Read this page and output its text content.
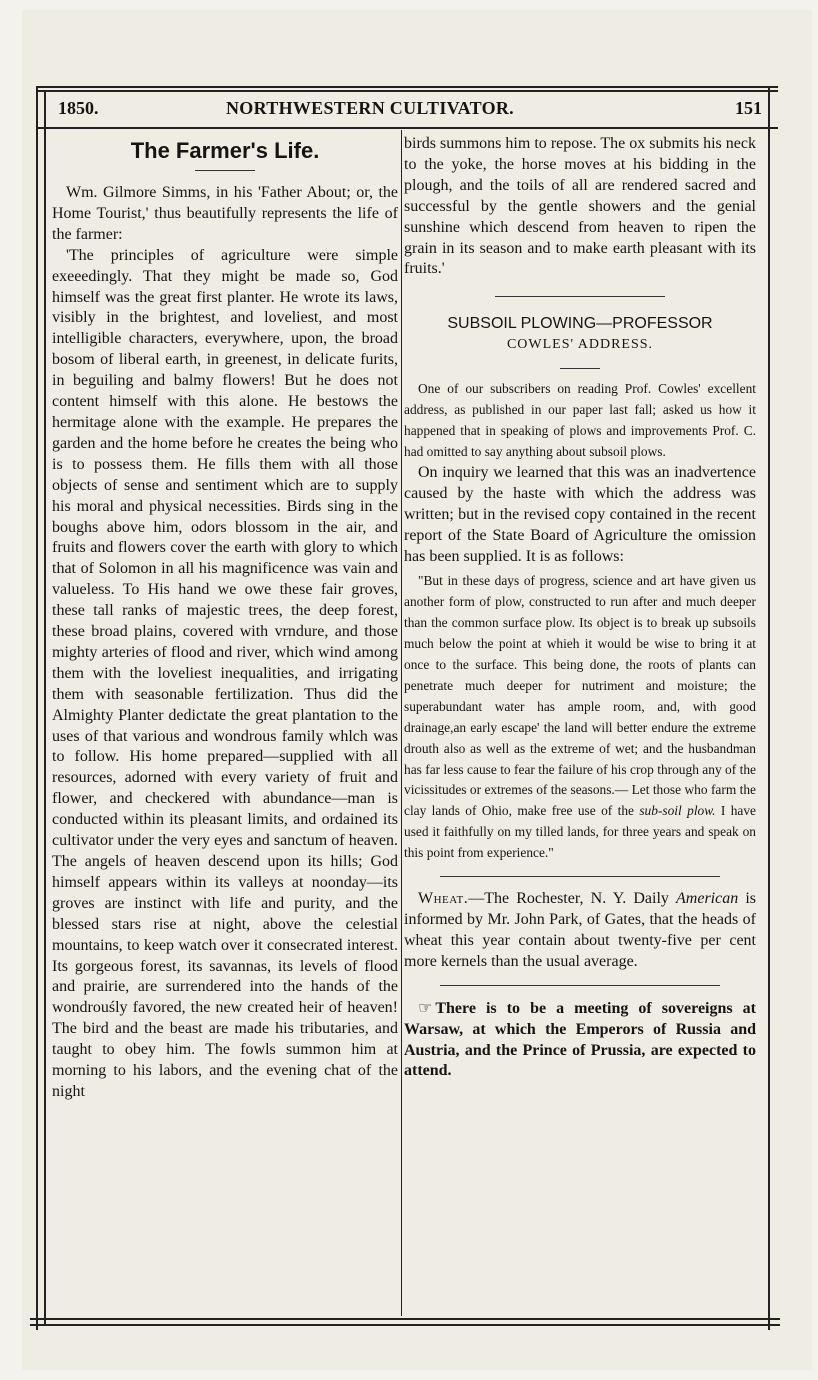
1850.	NORTHWESTERN CULTIVATOR.	151
The Farmer's Life.

Wm. Gilmore Simms, in his 'Father About; or, the Home Tourist,' thus beautifully represents the life of the farmer:

'The principles of agriculture were simple exeeedingly. That they might be made so, God himself was the great first planter. He wrote its laws, visibly in the brightest, and loveliest, and most intelligible characters, everywhere, upon, the broad bosom of liberal earth, in greenest, in delicate furits, in beguiling and balmy flowers! But he does not content himself with this alone. He bestows the hermitage alone with the example. He prepares the garden and the home before he creates the being who is to possess them. He fills them with all those objects of sense and sentiment which are to supply his moral and physical necessities. Birds sing in the boughs above him, odors blossom in the air, and fruits and flowers cover the earth with glory to which that of Solomon in all his magnificence was vain and valueless. To His hand we owe these fair groves, these tall ranks of majestic trees, the deep forest, these broad plains, covered with vrndure, and those mighty arteries of flood and river, which wind among them with the loveliest inequalities, and irrigating them with seasonable fertilization. Thus did the Almighty Planter dedictate the great plantation to the uses of that various and wondrous family whlch was to follow. His home prepared—supplied with all resources, adorned with every variety of fruit and flower, and checkered with abundance—man is conducted within its pleasant limits, and ordained its cultivator under the very eyes and sanctum of heaven. The angels of heaven descend upon its hills; God himself appears within its valleys at noonday—its groves are instinct with life and purity, and the blessed stars rise at night, above the celestial mountains, to keep watch over it consecrated interest. Its gorgeous forest, its savannas, its levels of flood and prairie, are surrendered into the hands of the wondrouśly favored, the new created heir of heaven! The bird and the beast are made his tributaries, and taught to obey him. The fowls summon him at morning to his labors, and the evening chat of the night

birds summons him to repose. The ox submits his neck to the yoke, the horse moves at his bidding in the plough, and the toils of all are rendered sacred and successful by the gentle showers and the genial sunshine which descend from heaven to ripen the grain in its season and to make earth pleasant with its fruits.'

SUBSOIL PLOWING—PROFESSOR
COWLES' ADDRESS.

One of our subscribers on reading Prof. Cowles' excellent address, as published in our paper last fall; asked us how it happened that in speaking of plows and improvements Prof. C. had omitted to say anything about subsoil plows.

On inquiry we learned that this was an inadvertence caused by the haste with which the address was written; but in the revised copy contained in the recent report of the State Board of Agriculture the omission has been supplied. It is as follows:

"But in these days of progress, science and art have given us another form of plow, constructed to run after and much deeper than the common surface plow. Its object is to break up subsoils much below the point at whieh it would be wise to bring it at once to the surface. This being done, the roots of plants can penetrate much deeper for nutriment and moisture; the superabundant water has ample room, and, with good drainage,an early escape' the land will better endure the extreme drouth also as well as the extreme of wet; and the husbandman has far less cause to fear the failure of his crop through any of the vicissitudes or extremes of the seasons.— Let those who farm the clay lands of Ohio, make free use of the sub-soil plow. I have used it faithfully on my tilled lands, for three years and speak on this point from experience."

Wheat.—The Rochester, N. Y. Daily American is informed by Mr. John Park, of Gates, that the heads of wheat this year contain about twenty-five per cent more kernels than the usual average.

☞ There is to be a meeting of sovereigns at Warsaw, at which the Emperors of Russia and Austria, and the Prince of Prussia, are expected to attend.
